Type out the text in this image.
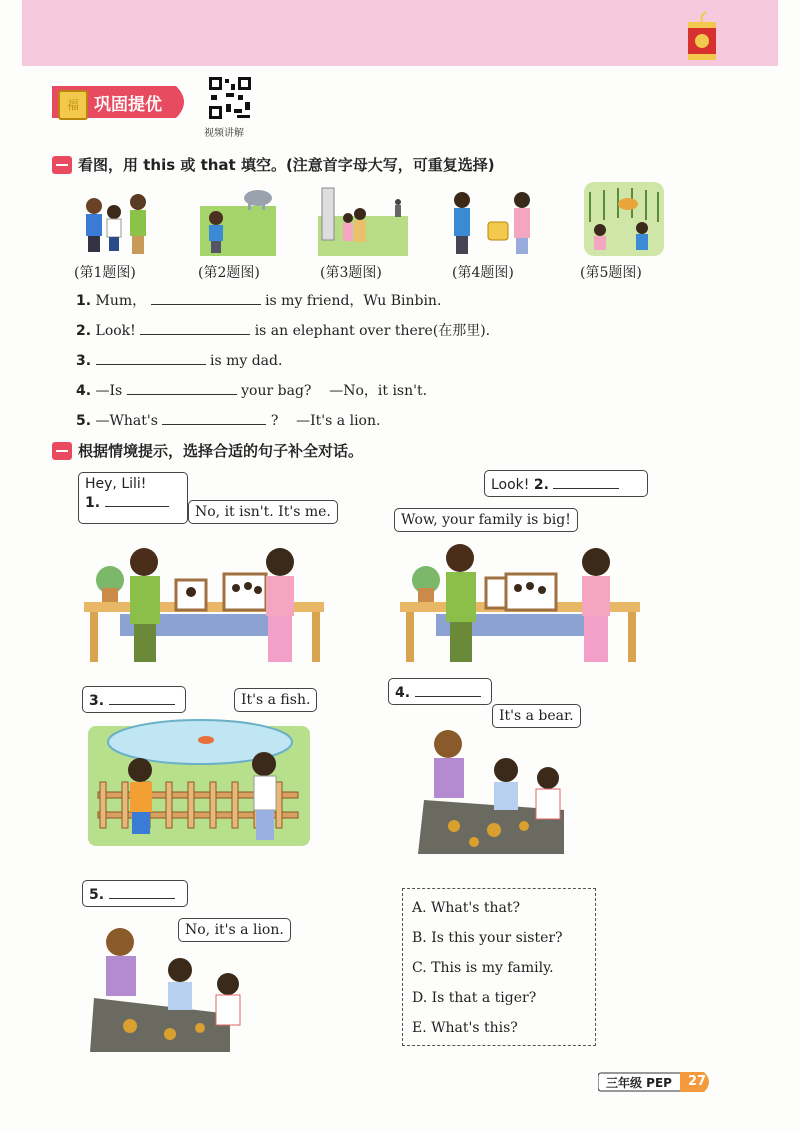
福 巩固提优
视频讲解
看图，用 this 或 that 填空。(注意首字母大写，可重复选择)
(第1题图)	(第2题图)	(第3题图)	(第4题图)	(第5题图)
1. Mum，	is my friend，Wu Binbin.
2. Look!	is an elephant over there(在那里).
3.	is my dad.
4. —Is	your bag?    —No，it isn't.
5. —What's	?    —It's a lion.
根据情境提示，选择合适的句子补全对话。
Hey, Lili!
1.
No, it isn't. It's me.
Look! 2.
Wow, your family is big!
3.	It's a fish.	4.
It's a bear.
5.
No, it's a lion.
A. What's that?
B. Is this your sister?
C. This is my family.
D. Is that a tiger?
E. What's this?
三年级 PEP 27
